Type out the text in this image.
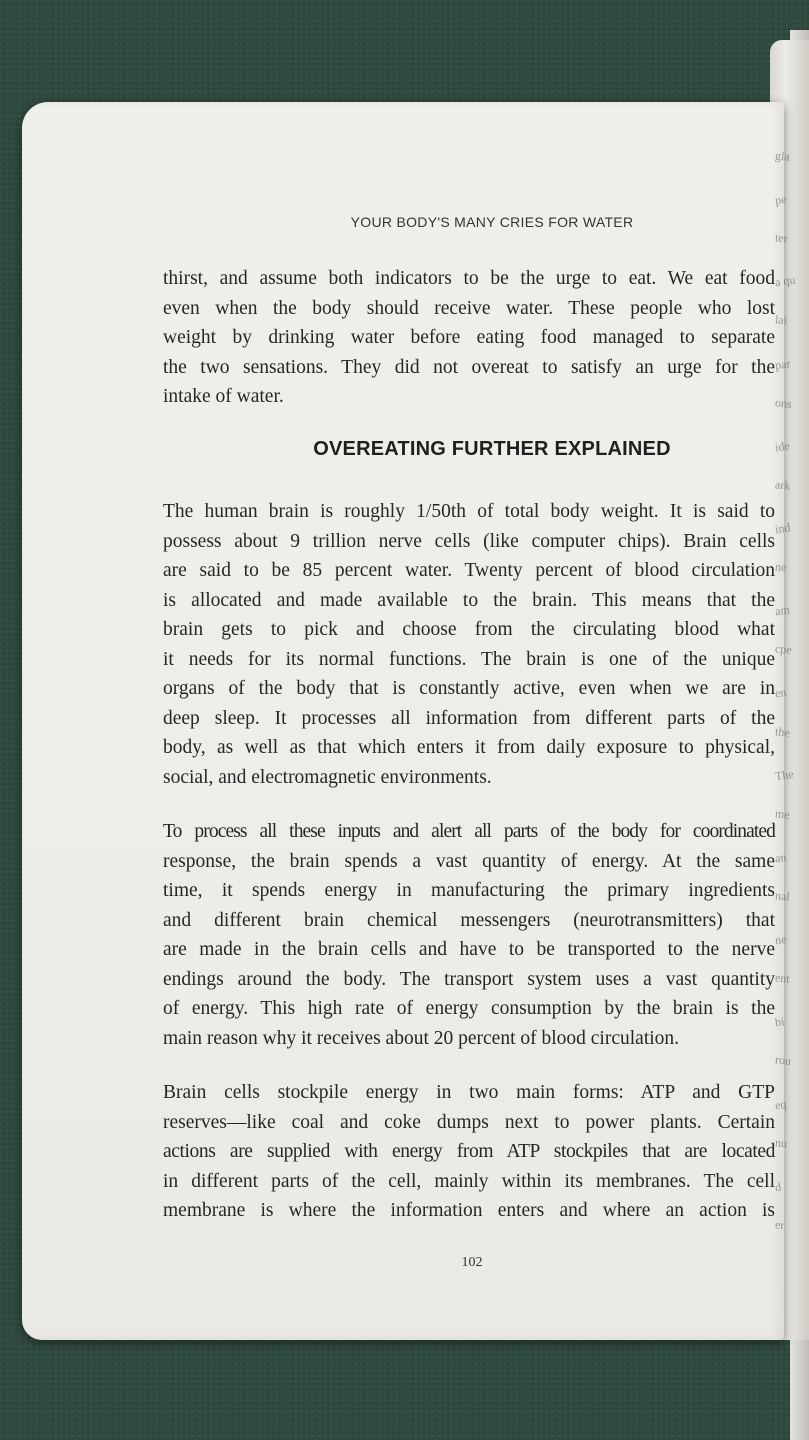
YOUR BODY'S MANY CRIES FOR WATER
thirst, and assume both indicators to be the urge to eat. We eat food
even when the body should receive water. These people who lost
weight by drinking water before eating food managed to separate
the two sensations. They did not overeat to satisfy an urge for the
intake of water.
OVEREATING FURTHER EXPLAINED
The human brain is roughly 1/50th of total body weight. It is said to
possess about 9 trillion nerve cells (like computer chips). Brain cells
are said to be 85 percent water. Twenty percent of blood circulation
is allocated and made available to the brain. This means that the
brain gets to pick and choose from the circulating blood what
it needs for its normal functions. The brain is one of the unique
organs of the body that is constantly active, even when we are in
deep sleep. It processes all information from different parts of the
body, as well as that which enters it from daily exposure to physical,
social, and electromagnetic environments.
To process all these inputs and alert all parts of the body for coordinated
response, the brain spends a vast quantity of energy. At the same
time, it spends energy in manufacturing the primary ingredients
and different brain chemical messengers (neurotransmitters) that
are made in the brain cells and have to be transported to the nerve
endings around the body. The transport system uses a vast quantity
of energy. This high rate of energy consumption by the brain is the
main reason why it receives about 20 percent of blood circulation.
Brain cells stockpile energy in two main forms: ATP and GTP
reserves—like coal and coke dumps next to power plants. Certain
actions are supplied with energy from ATP stockpiles that are located
in different parts of the cell, mainly within its membranes. The cell
membrane is where the information enters and where an action is
102
gla
pe
ter
a qu
lai
par
ons
ide
ark
ind
ne
am
cpe
en
the
The
me
an
nal
ne
ent
bi
rou
eq
nu
d
er
